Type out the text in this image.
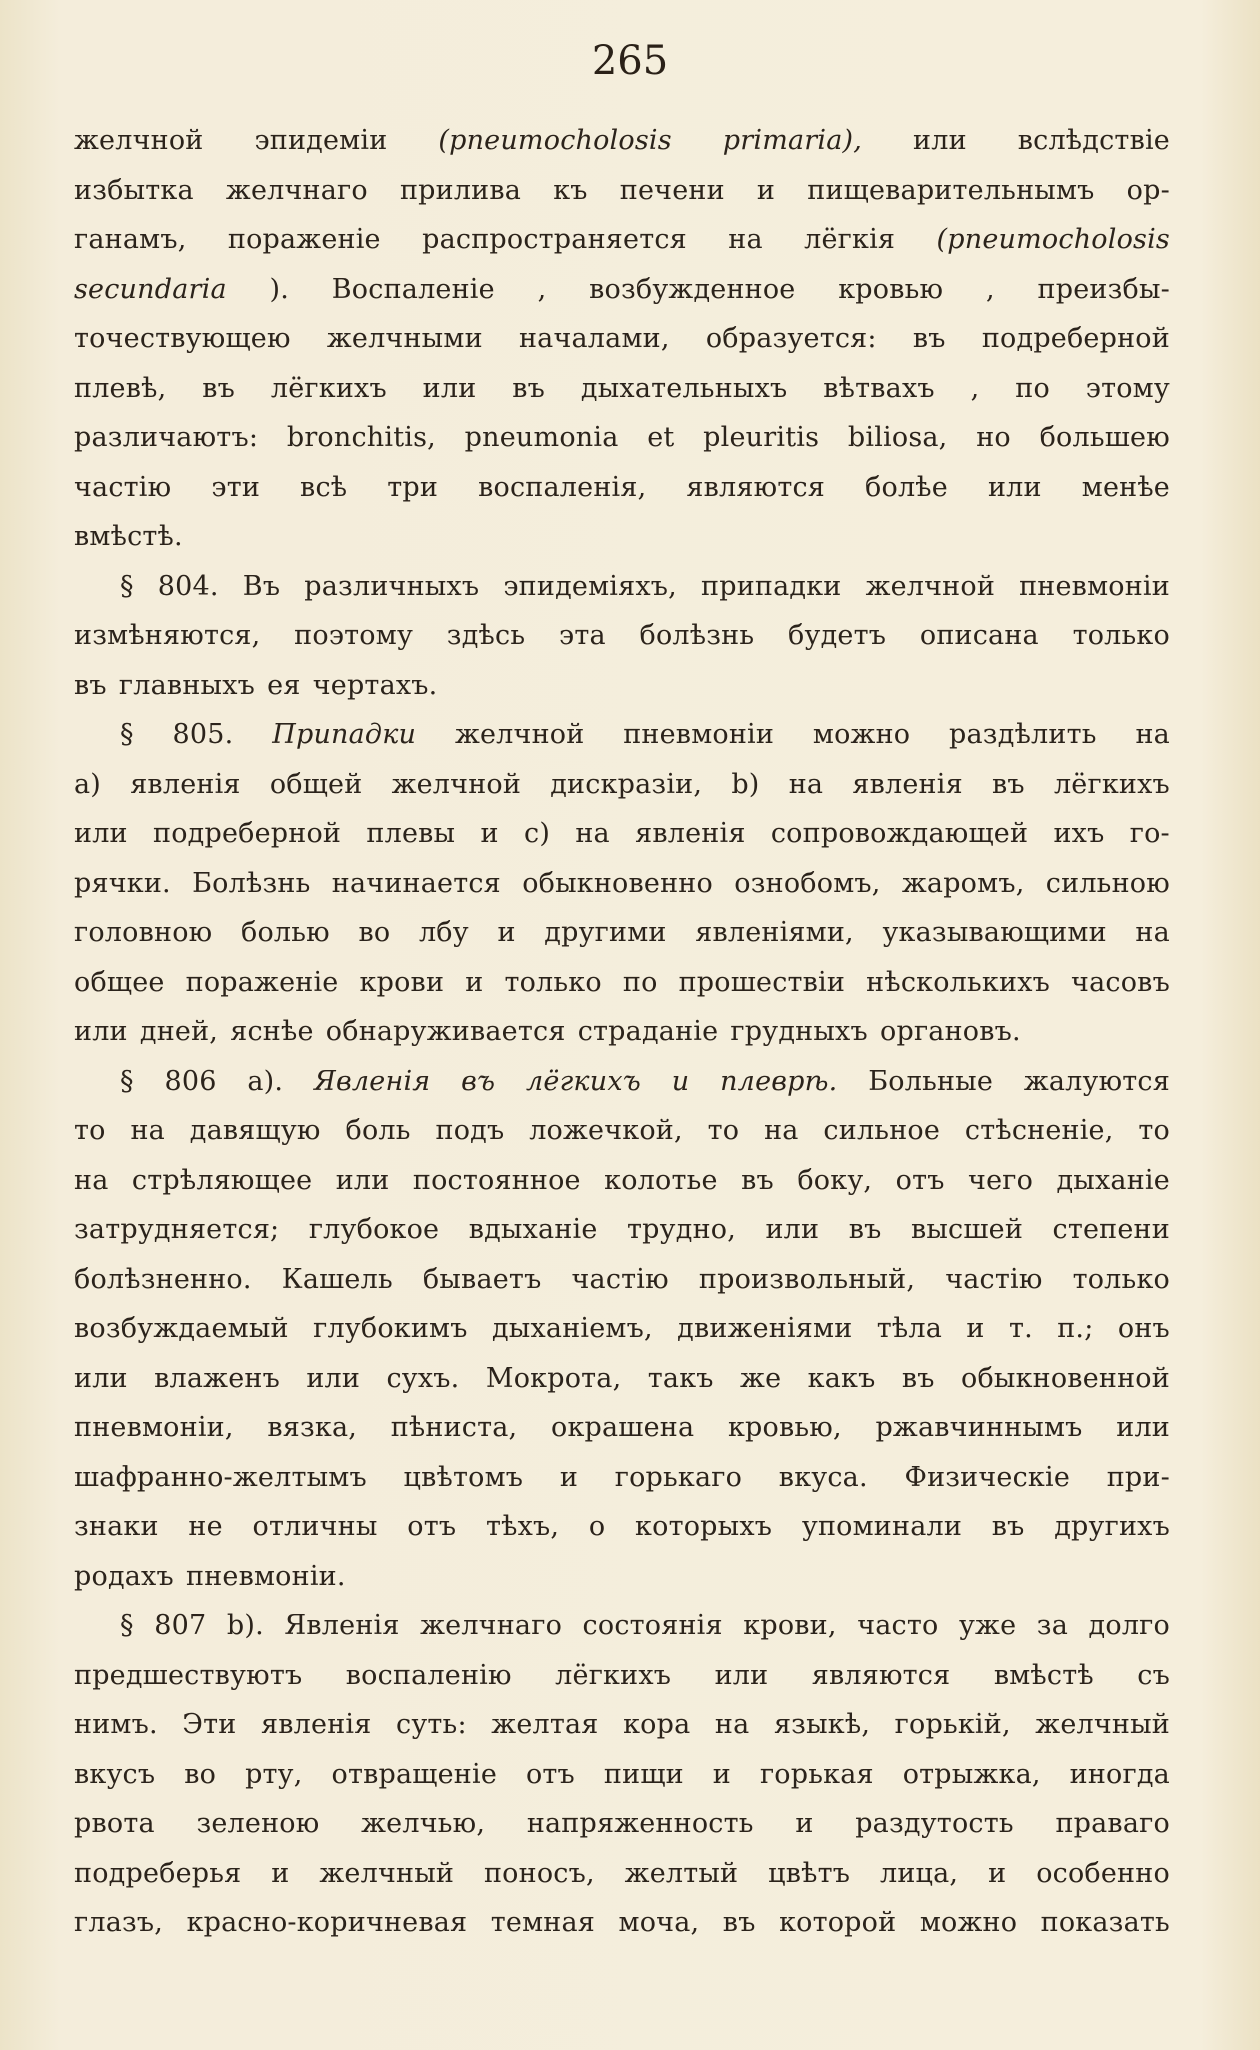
265
желчной эпидеміи (pneumocholosis primaria), или вслѣдствіе
избытка желчнаго прилива къ печени и пищеварительнымъ ор-
ганамъ, пораженіе распространяется на лёгкія (pneumocholosis
secundaria ). Воспаленіе , возбужденное кровью , преизбы-
точествующею желчными началами, образуется: въ подреберной
плевѣ, въ лёгкихъ или въ дыхательныхъ вѣтвахъ , по этому
различаютъ: bronchitis, pneumonia et pleuritis biliosa, но большею
частію эти всѣ три воспаленія, являются болѣе или менѣе
вмѣстѣ.
§ 804. Въ различныхъ эпидеміяхъ, припадки желчной пневмоніи
измѣняются, поэтому здѣсь эта болѣзнь будетъ описана только
въ главныхъ ея чертахъ.
§ 805. Припадки желчной пневмоніи можно раздѣлить на
a) явленія общей желчной дискразіи, b) на явленія въ лёгкихъ
или подреберной плевы и c) на явленія сопровождающей ихъ го-
рячки. Болѣзнь начинается обыкновенно ознобомъ, жаромъ, сильною
головною болью во лбу и другими явленіями, указывающими на
общее пораженіе крови и только по прошествіи нѣсколькихъ часовъ
или дней, яснѣе обнаруживается страданіе грудныхъ органовъ.
§ 806 a). Явленія въ лёгкихъ и плеврѣ. Больные жалуются
то на давящую боль подъ ложечкой, то на сильное стѣсненіе, то
на стрѣляющее или постоянное колотье въ боку, отъ чего дыханіе
затрудняется; глубокое вдыханіе трудно, или въ высшей степени
болѣзненно. Кашель бываетъ частію произвольный, частію только
возбуждаемый глубокимъ дыханіемъ, движеніями тѣла и т. п.; онъ
или влаженъ или сухъ. Мокрота, такъ же какъ въ обыкновенной
пневмоніи, вязка, пѣниста, окрашена кровью, ржавчиннымъ или
шафранно-желтымъ цвѣтомъ и горькаго вкуса. Физическіе при-
знаки не отличны отъ тѣхъ, о которыхъ упоминали въ другихъ
родахъ пневмоніи.
§ 807 b). Явленія желчнаго состоянія крови, часто уже за долго
предшествуютъ воспаленію лёгкихъ или являются вмѣстѣ съ
нимъ. Эти явленія суть: желтая кора на языкѣ, горькій, желчный
вкусъ во рту, отвращеніе отъ пищи и горькая отрыжка, иногда
рвота зеленою желчью, напряженность и раздутость праваго
подреберья и желчный поносъ, желтый цвѣтъ лица, и особенно
глазъ, красно-коричневая темная моча, въ которой можно показать
